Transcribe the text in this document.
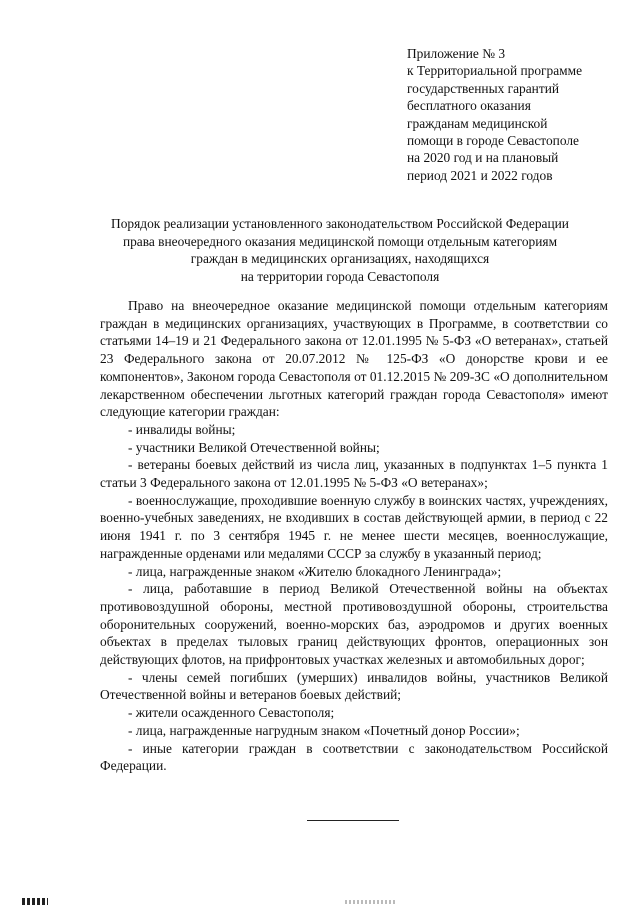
Приложение № 3
к Территориальной программе
государственных гарантий
бесплатного оказания
гражданам медицинской
помощи в городе Севастополе
на 2020 год и на плановый
период 2021 и 2022 годов
Порядок реализации установленного законодательством Российской Федерации
права внеочередного оказания медицинской помощи отдельным категориям
граждан в медицинских организациях, находящихся
на территории города Севастополя

Право на внеочередное оказание медицинской помощи отдельным категориям граждан в медицинских организациях, участвующих в Программе, в соответствии со статьями 14–19 и 21 Федерального закона от 12.01.1995 № 5-ФЗ «О ветеранах», статьей 23 Федерального закона от 20.07.2012 № 125-ФЗ «О донорстве крови и ее компонентов», Законом города Севастополя от 01.12.2015 № 209-ЗС «О дополнительном лекарственном обеспечении льготных категорий граждан города Севастополя» имеют следующие категории граждан:

- инвалиды войны;

- участники Великой Отечественной войны;

- ветераны боевых действий из числа лиц, указанных в подпунктах 1–5 пункта 1 статьи 3 Федерального закона от 12.01.1995 № 5-ФЗ «О ветеранах»;

- военнослужащие, проходившие военную службу в воинских частях, учреждениях, военно-учебных заведениях, не входивших в состав действующей армии, в период с 22 июня 1941 г. по 3 сентября 1945 г. не менее шести месяцев, военнослужащие, награжденные орденами или медалями СССР за службу в указанный период;

- лица, награжденные знаком «Жителю блокадного Ленинграда»;

- лица, работавшие в период Великой Отечественной войны на объектах противовоздушной обороны, местной противовоздушной обороны, строительства оборонительных сооружений, военно-морских баз, аэродромов и других военных объектах в пределах тыловых границ действующих фронтов, операционных зон действующих флотов, на прифронтовых участках железных и автомобильных дорог;

- члены семей погибших (умерших) инвалидов войны, участников Великой Отечественной войны и ветеранов боевых действий;

- жители осажденного Севастополя;

- лица, награжденные нагрудным знаком «Почетный донор России»;

- иные категории граждан в соответствии с законодательством Российской Федерации.
